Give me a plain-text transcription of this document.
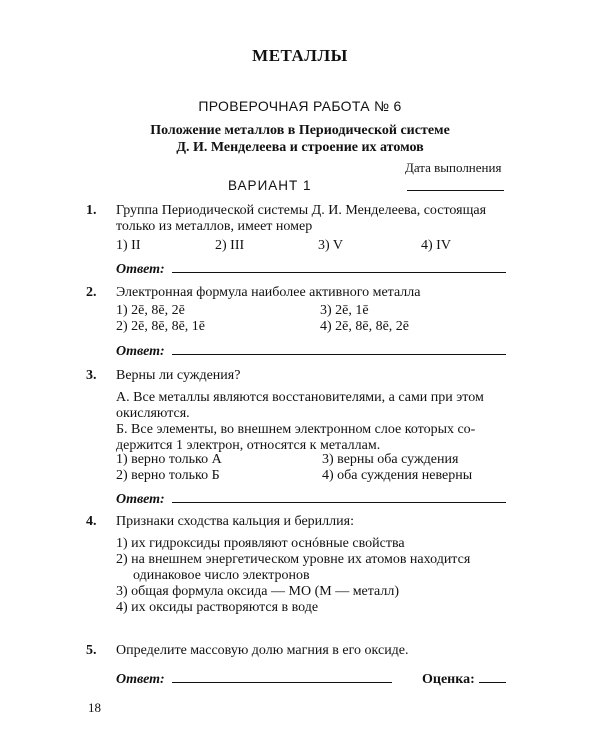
МЕТАЛЛЫ
ПРОВЕРОЧНАЯ РАБОТА № 6
Положение металлов в Периодической системе
Д. И. Менделеева и строение их атомов
Дата выполнения
ВАРИАНТ 1
1. Группа Периодической системы Д. И. Менделеева, состоящая
только из металлов, имеет номер
1) II	2) III	3) V	4) IV
Ответ:
2. Электронная формула наиболее активного металла
1) 2ē, 8ē, 2ē	3) 2ē, 1ē
2) 2ē, 8ē, 8ē, 1ē	4) 2ē, 8ē, 8ē, 2ē
Ответ:
3. Верны ли суждения?
А. Все металлы являются восстановителями, а сами при этом
окисляются.
Б. Все элементы, во внешнем электронном слое которых со-
держится 1 электрон, относятся к металлам.
1) верно только А	3) верны оба суждения
2) верно только Б	4) оба суждения неверны
Ответ:
4. Признаки сходства кальция и бериллия:
1) их гидроксиды проявляют оснóвные свойства
2) на внешнем энергетическом уровне их атомов находится
одинаковое число электронов
3) общая формула оксида — МО (М — металл)
4) их оксиды растворяются в воде
5. Определите массовую долю магния в его оксиде.
Ответ:	Оценка:
18
